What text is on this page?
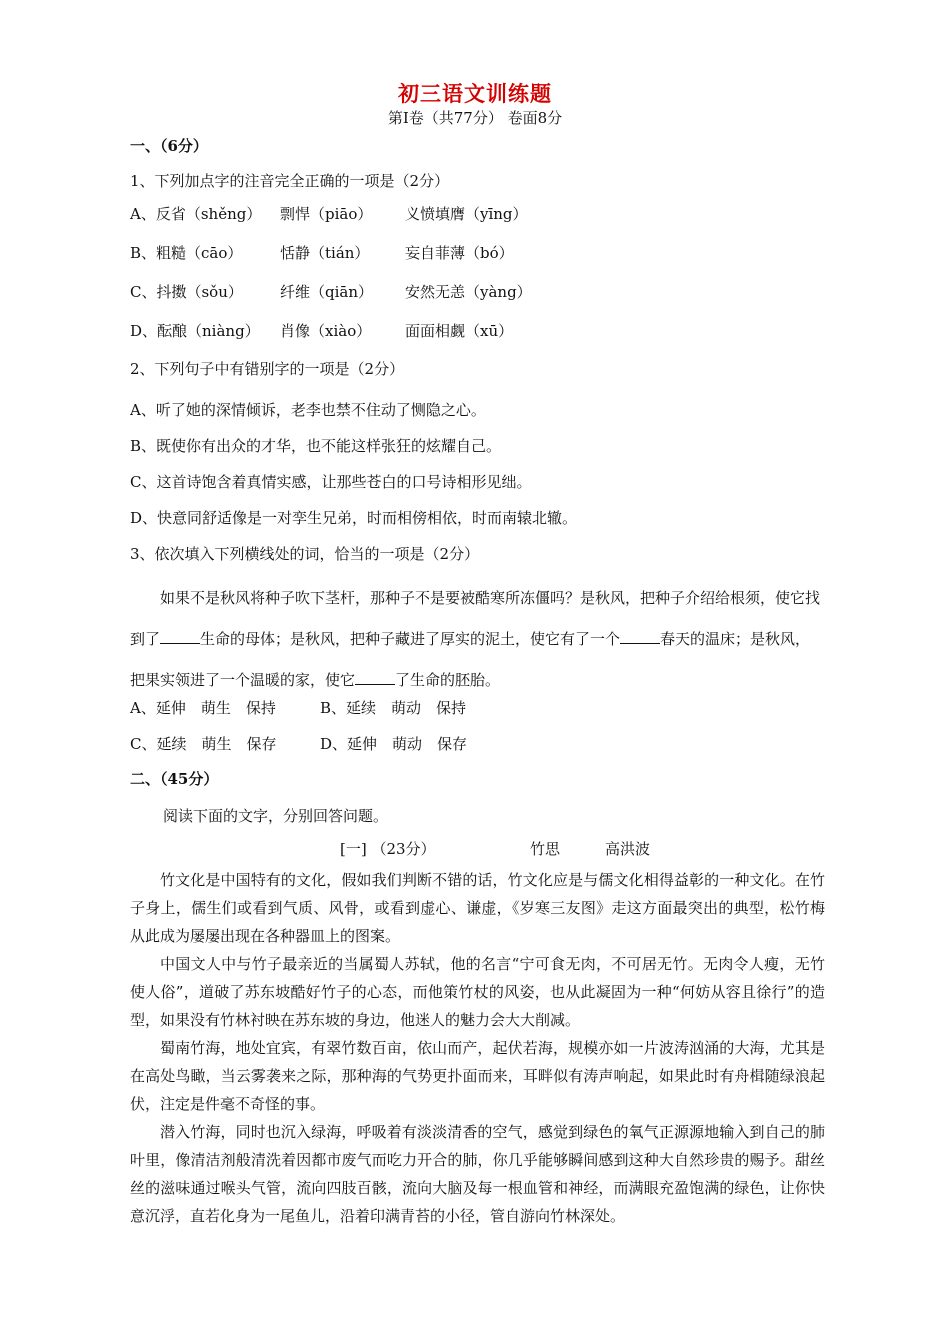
初三语文训练题
第Ⅰ卷（共77分） 卷面8分
一、（6分）
1、下列加点字的注音完全正确的一项是（2分）
A、反省（shěng） 剽悍（piāo） 义愤填膺（yīng）
B、粗糙（cāo）	恬静（tián） 妄自菲薄（bó）
C、抖擞（sǒu） 纤维（qiān） 安然无恙（yàng）
D、酝酿（niàng） 肖像（xiào） 面面相觑（xū）
2、下列句子中有错别字的一项是（2分）
A、听了她的深情倾诉，老李也禁不住动了恻隐之心。
B、既使你有出众的才华，也不能这样张狂的炫耀自己。
C、这首诗饱含着真情实感，让那些苍白的口号诗相形见绌。
D、快意同舒适像是一对孪生兄弟，时而相傍相依，时而南辕北辙。
3、依次填入下列横线处的词，恰当的一项是（2分）
如果不是秋风将种子吹下茎杆，那种子不是要被酷寒所冻僵吗？是秋风，把种子介绍给根须，使它找到了	生命的母体；是秋风，把种子藏进了厚实的泥土，使它有了一个	春天的温床；是秋风，把果实领进了一个温暖的家，使它	了生命的胚胎。
A、延伸　萌生　保持	B、延续　萌动　保持
C、延续　萌生　保存	D、延伸　萌动　保存
二、（45分）
阅读下面的文字，分别回答问题。
[一] （23分）	竹思	高洪波

竹文化是中国特有的文化，假如我们判断不错的话，竹文化应是与儒文化相得益彰的一种文化。在竹子身上，儒生们或看到气质、风骨，或看到虚心、谦虚，《岁寒三友图》走这方面最突出的典型，松竹梅从此成为屡屡出现在各种器皿上的图案。

中国文人中与竹子最亲近的当属蜀人苏轼，他的名言“宁可食无肉，不可居无竹。无肉令人瘦，无竹使人俗”，道破了苏东坡酷好竹子的心态，而他策竹杖的风姿，也从此凝固为一种“何妨从容且徐行”的造型，如果没有竹林衬映在苏东坡的身边，他迷人的魅力会大大削减。

蜀南竹海，地处宜宾，有翠竹数百亩，依山而产，起伏若海，规模亦如一片波涛汹涌的大海，尤其是在高处鸟瞰，当云雾袭来之际，那种海的气势更扑面而来，耳畔似有涛声响起，如果此时有舟楫随绿浪起伏，注定是件毫不奇怪的事。

潜入竹海，同时也沉入绿海，呼吸着有淡淡清香的空气，感觉到绿色的氧气正源源地输入到自己的肺叶里，像清洁剂般清洗着因都市废气而吃力开合的肺，你几乎能够瞬间感到这种大自然珍贵的赐予。甜丝丝的滋味通过喉头气管，流向四肢百骸，流向大脑及每一根血管和神经，而满眼充盈饱满的绿色，让你快意沉浮，直若化身为一尾鱼儿，沿着印满青苔的小径，管自游向竹林深处。
